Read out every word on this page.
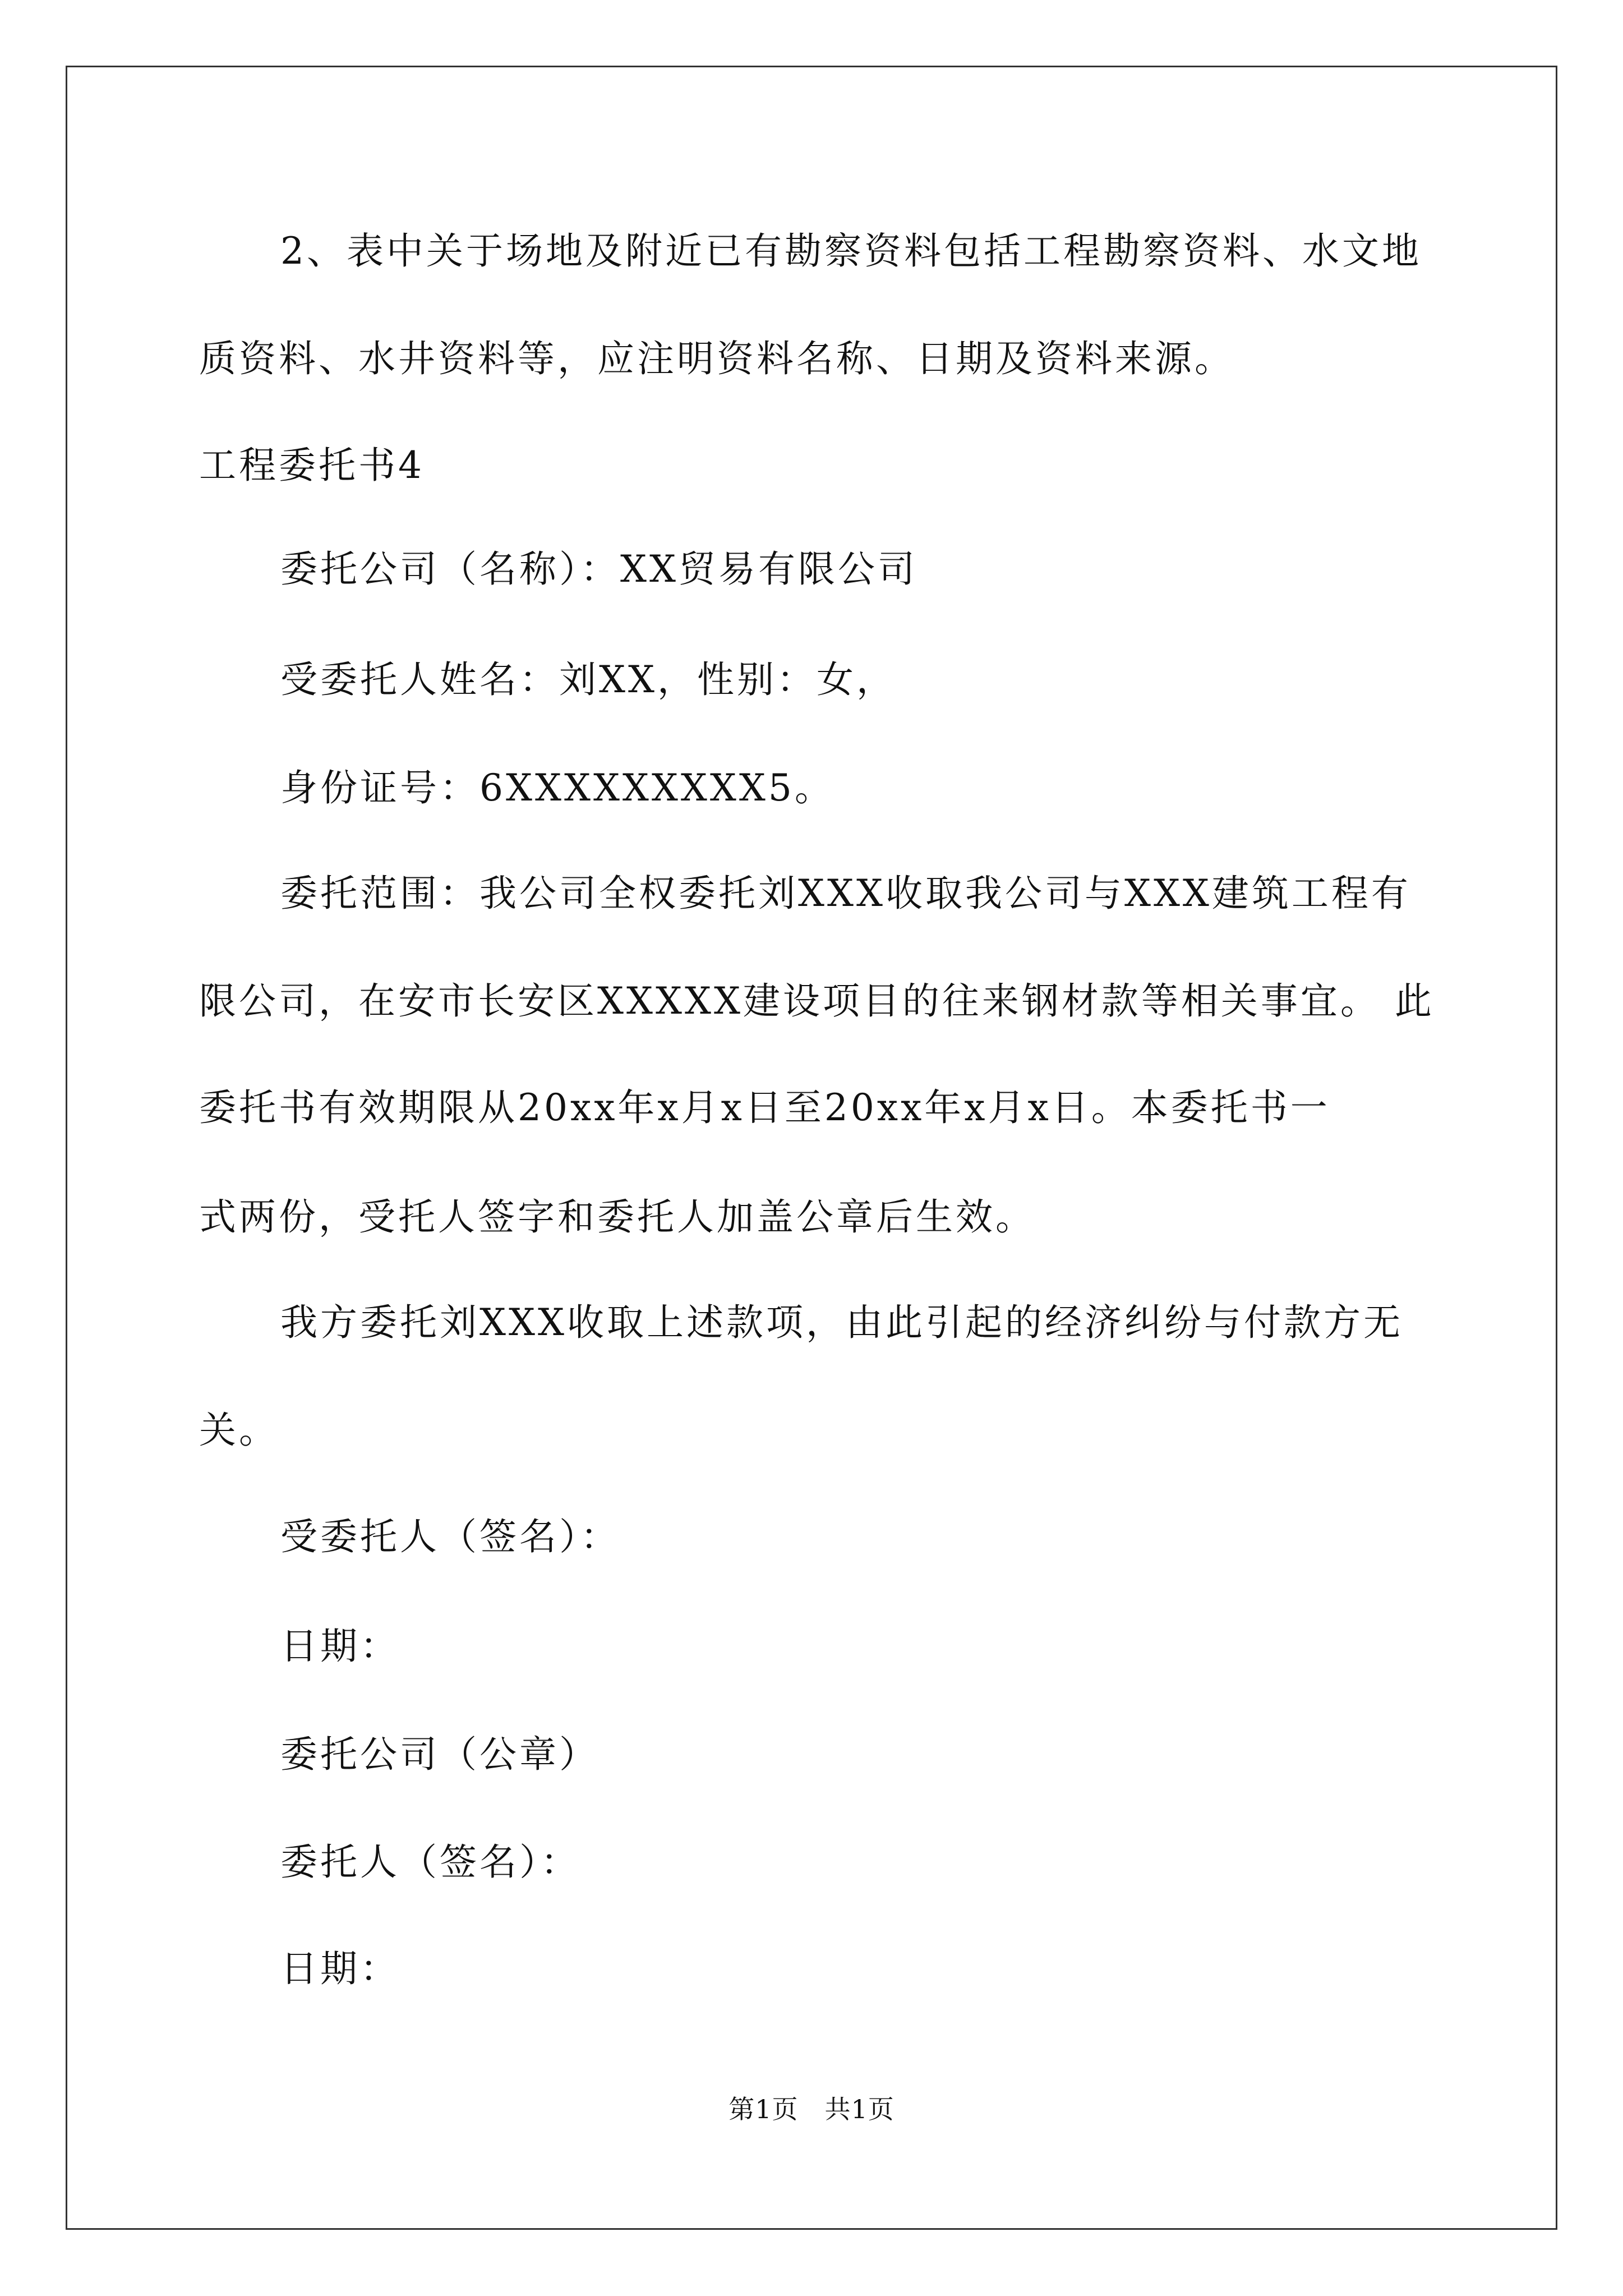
2、表中关于场地及附近已有勘察资料包括工程勘察资料、水文地

质资料、水井资料等，应注明资料名称、日期及资料来源。

工程委托书4

委托公司（名称）：XX贸易有限公司

受委托人姓名：刘XX，性别：女，

身份证号：6XXXXXXXXX5。

委托范围：我公司全权委托刘XXX收取我公司与XXX建筑工程有

限公司，在安市长安区XXXXX建设项目的往来钢材款等相关事宜。 此

委托书有效期限从20xx年x月x日至20xx年x月x日。本委托书一

式两份，受托人签字和委托人加盖公章后生效。

我方委托刘XXX收取上述款项，由此引起的经济纠纷与付款方无

关。

受委托人（签名）：

日期：

委托公司（公章）

委托人（签名）：

日期：

第1页　共1页
